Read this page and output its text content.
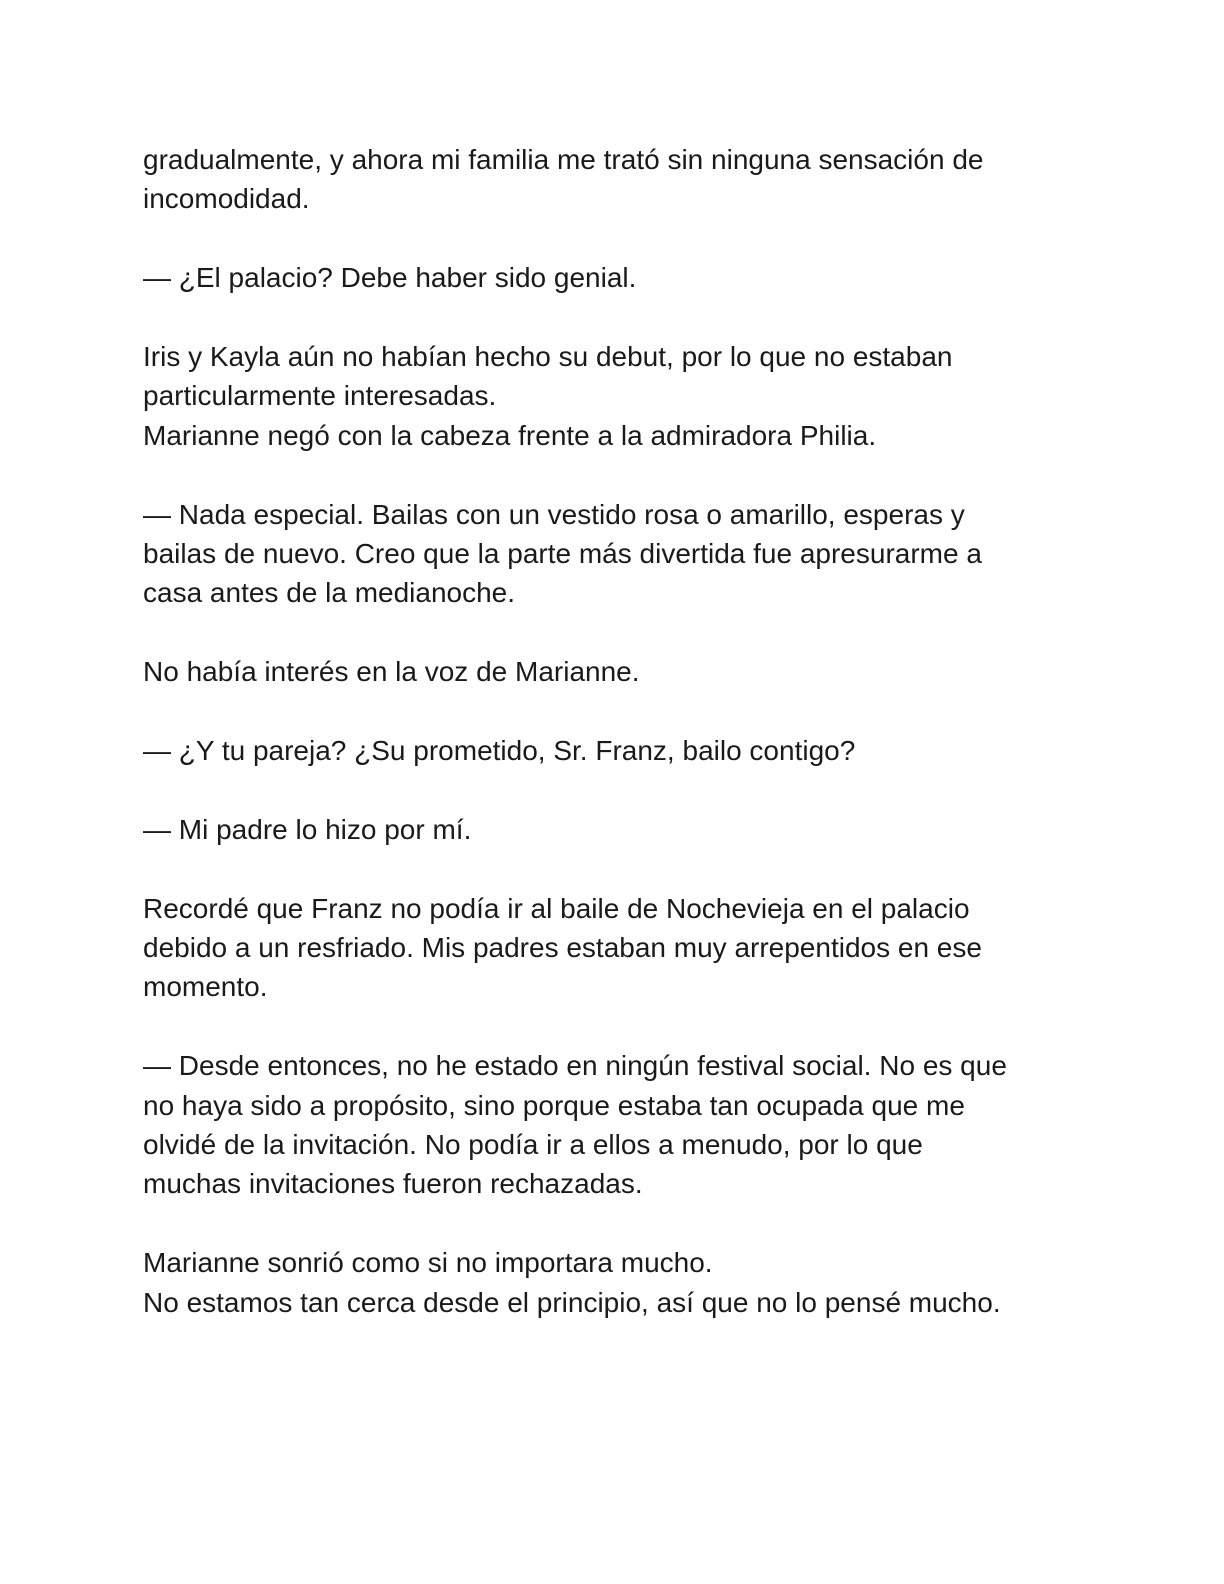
gradualmente, y ahora mi familia me trató sin ninguna sensación de
incomodidad.

— ¿El palacio? Debe haber sido genial.

Iris y Kayla aún no habían hecho su debut, por lo que no estaban
particularmente interesadas.
Marianne negó con la cabeza frente a la admiradora Philia.

— Nada especial. Bailas con un vestido rosa o amarillo, esperas y
bailas de nuevo. Creo que la parte más divertida fue apresurarme a
casa antes de la medianoche.

No había interés en la voz de Marianne.

— ¿Y tu pareja? ¿Su prometido, Sr. Franz, bailo contigo?

— Mi padre lo hizo por mí.

Recordé que Franz no podía ir al baile de Nochevieja en el palacio
debido a un resfriado. Mis padres estaban muy arrepentidos en ese
momento.

— Desde entonces, no he estado en ningún festival social. No es que
no haya sido a propósito, sino porque estaba tan ocupada que me
olvidé de la invitación. No podía ir a ellos a menudo, por lo que
muchas invitaciones fueron rechazadas.

Marianne sonrió como si no importara mucho.
No estamos tan cerca desde el principio, así que no lo pensé mucho.
